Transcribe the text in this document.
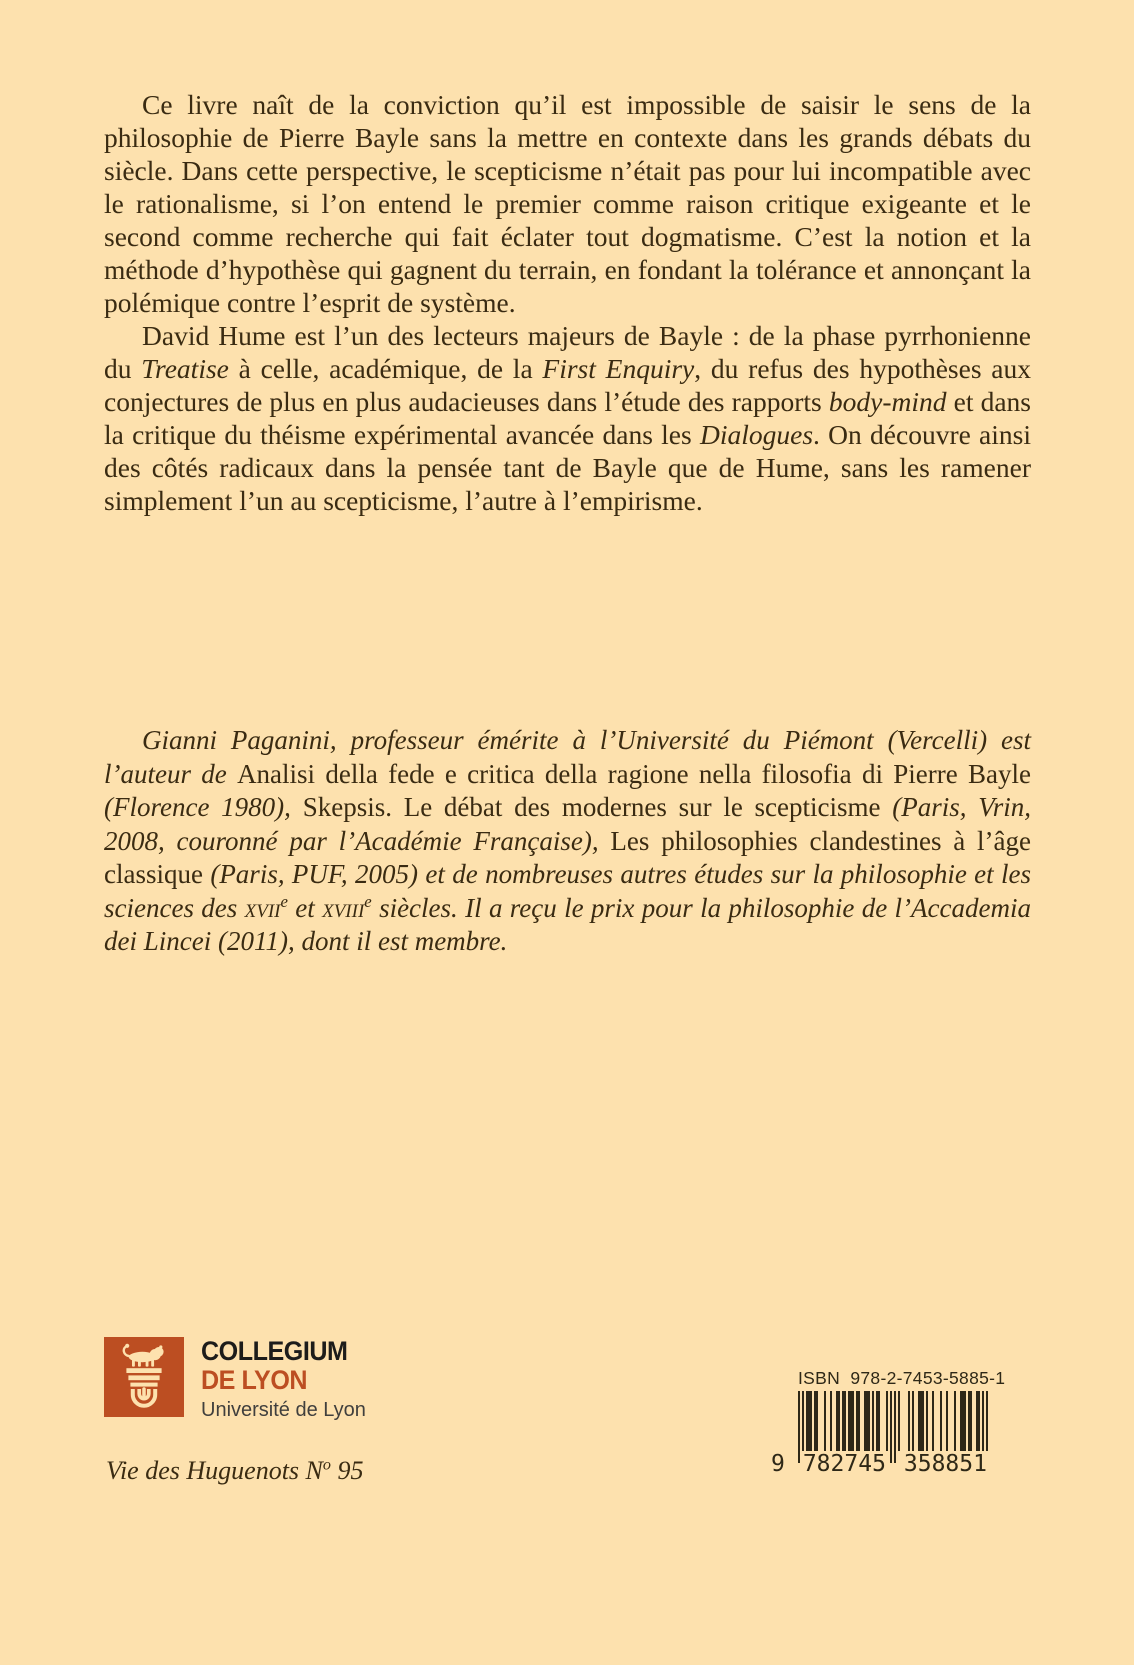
Ce livre naît de la conviction qu’il est impossible de saisir le sens de la philosophie de Pierre Bayle sans la mettre en contexte dans les grands débats du siècle. Dans cette perspective, le scepticisme n’était pas pour lui incompatible avec le rationalisme, si l’on entend le premier comme raison critique exigeante et le second comme recherche qui fait éclater tout dogmatisme. C’est la notion et la méthode d’hypothèse qui gagnent du terrain, en fondant la tolérance et annonçant la polémique contre l’esprit de système.

David Hume est l’un des lecteurs majeurs de Bayle : de la phase pyrrhonienne du Treatise à celle, académique, de la First Enquiry, du refus des hypothèses aux conjectures de plus en plus audacieuses dans l’étude des rapports body-mind et dans la critique du théisme expérimental avancée dans les Dialogues. On découvre ainsi des côtés radicaux dans la pensée tant de Bayle que de Hume, sans les ramener simplement l’un au scepticisme, l’autre à l’empirisme.

Gianni Paganini, professeur émérite à l’Université du Piémont (Vercelli) est l’auteur de Analisi della fede e critica della ragione nella filosofia di Pierre Bayle (Florence 1980), Skepsis. Le débat des modernes sur le scepticisme (Paris, Vrin, 2008, couronné par l’Académie Française), Les philosophies clandestines à l’âge classique (Paris, PUF, 2005) et de nombreuses autres études sur la philosophie et les sciences des xvii$^e$ et xviii$^e$ siècles. Il a reçu le prix pour la philosophie de l’Accademia dei Lincei (2011), dont il est membre.
COLLEGIUM
DE LYON
Université de Lyon
Vie des Huguenots $N^o$ 95
ISBN  978-2-7453-5885-1
9 782745 358851
